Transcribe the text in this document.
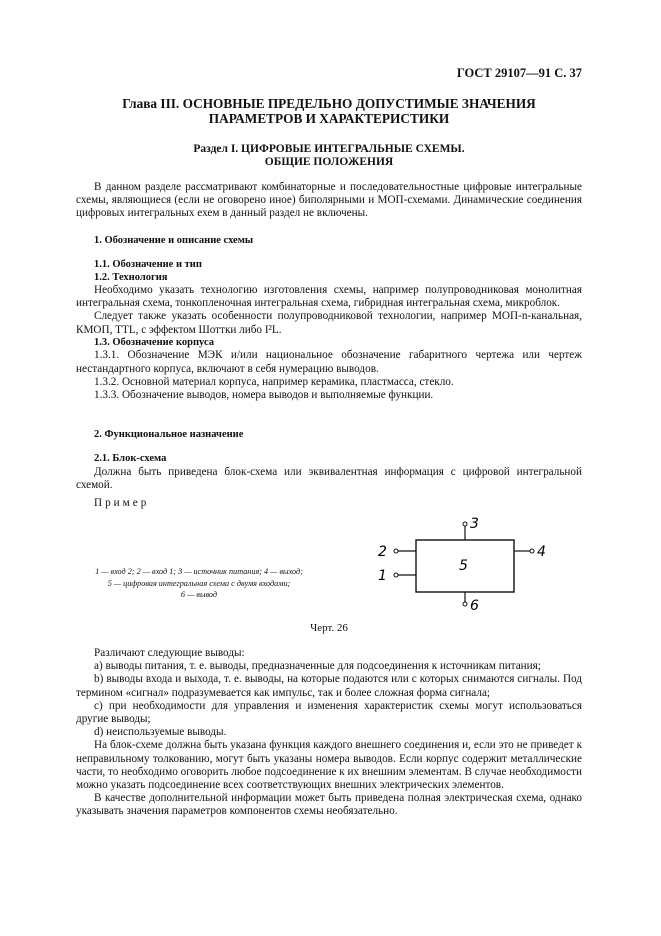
ГОСТ 29107—91 С. 37
Глава III. ОСНОВНЫЕ ПРЕДЕЛЬНО ДОПУСТИМЫЕ ЗНАЧЕНИЯ
ПАРАМЕТРОВ И ХАРАКТЕРИСТИКИ
Раздел I. ЦИФРОВЫЕ ИНТЕГРАЛЬНЫЕ СХЕМЫ.
ОБЩИЕ ПОЛОЖЕНИЯ

В данном разделе рассматривают комбинаторные и последовательностные цифровые интегральные схемы, являющиеся (если не оговорено иное) биполярными и МОП-схемами. Динамические соединения цифровых интегральных ехем в данный раздел не включены.

1. Обозначение и описание схемы

1.1. Обозначение и тип

1.2. Технология

Необходимо указать технологию изготовления схемы, например полупроводниковая монолитная интегральная схема, тонкопленочная интегральная схема, гибридная интегральная схема, микроблок.

Следует также указать особенности полупроводниковой технологии, например МОП-n-канальная, КМОП, TTL, с эффектом Шоттки либо I²L.

1.3. Обозначение корпуса

1.3.1. Обозначение МЭК и/или национальное обозначение габаритного чертежа или чертеж нестандартного корпуса, включают в себя нумерацию выводов.

1.3.2. Основной материал корпуса, например керамика, пластмасса, стекло.

1.3.3. Обозначение выводов, номера выводов и выполняемые функции.

2. Функциональное назначение

2.1. Блок-схема

Должна быть приведена блок-схема или эквивалентная информация с цифровой интегральной схемой.

Пример

1 — вход 2; 2 — вход 1; 3 — источник питания; 4 — выход;
5 — цифровая интегральная схема с двумя входами;
6 — вывод
3
2
1
4
6
5
Черт. 26

Различают следующие выводы:

a) выводы питания, т. е. выводы, предназначенные для подсоединения к источникам питания;

b) выводы входа и выхода, т. е. выводы, на которые подаются или с которых снимаются сигналы. Под термином «сигнал» подразумевается как импульс, так и более сложная форма сигнала;

c) при необходимости для управления и изменения характеристик схемы могут использоваться другие выводы;

d) неиспользуемые выводы.

На блок-схеме должна быть указана функция каждого внешнего соединения и, если это не приведет к неправильному толкованию, могут быть указаны номера выводов. Если корпус содержит металлические части, то необходимо оговорить любое подсоединение к их внешним элементам. В случае необходимости можно указать подсоединение всех соответствующих внешних электрических элементов.

В качестве дополнительной информации может быть приведена полная электрическая схема, однако указывать значения параметров компонентов схемы необязательно.
